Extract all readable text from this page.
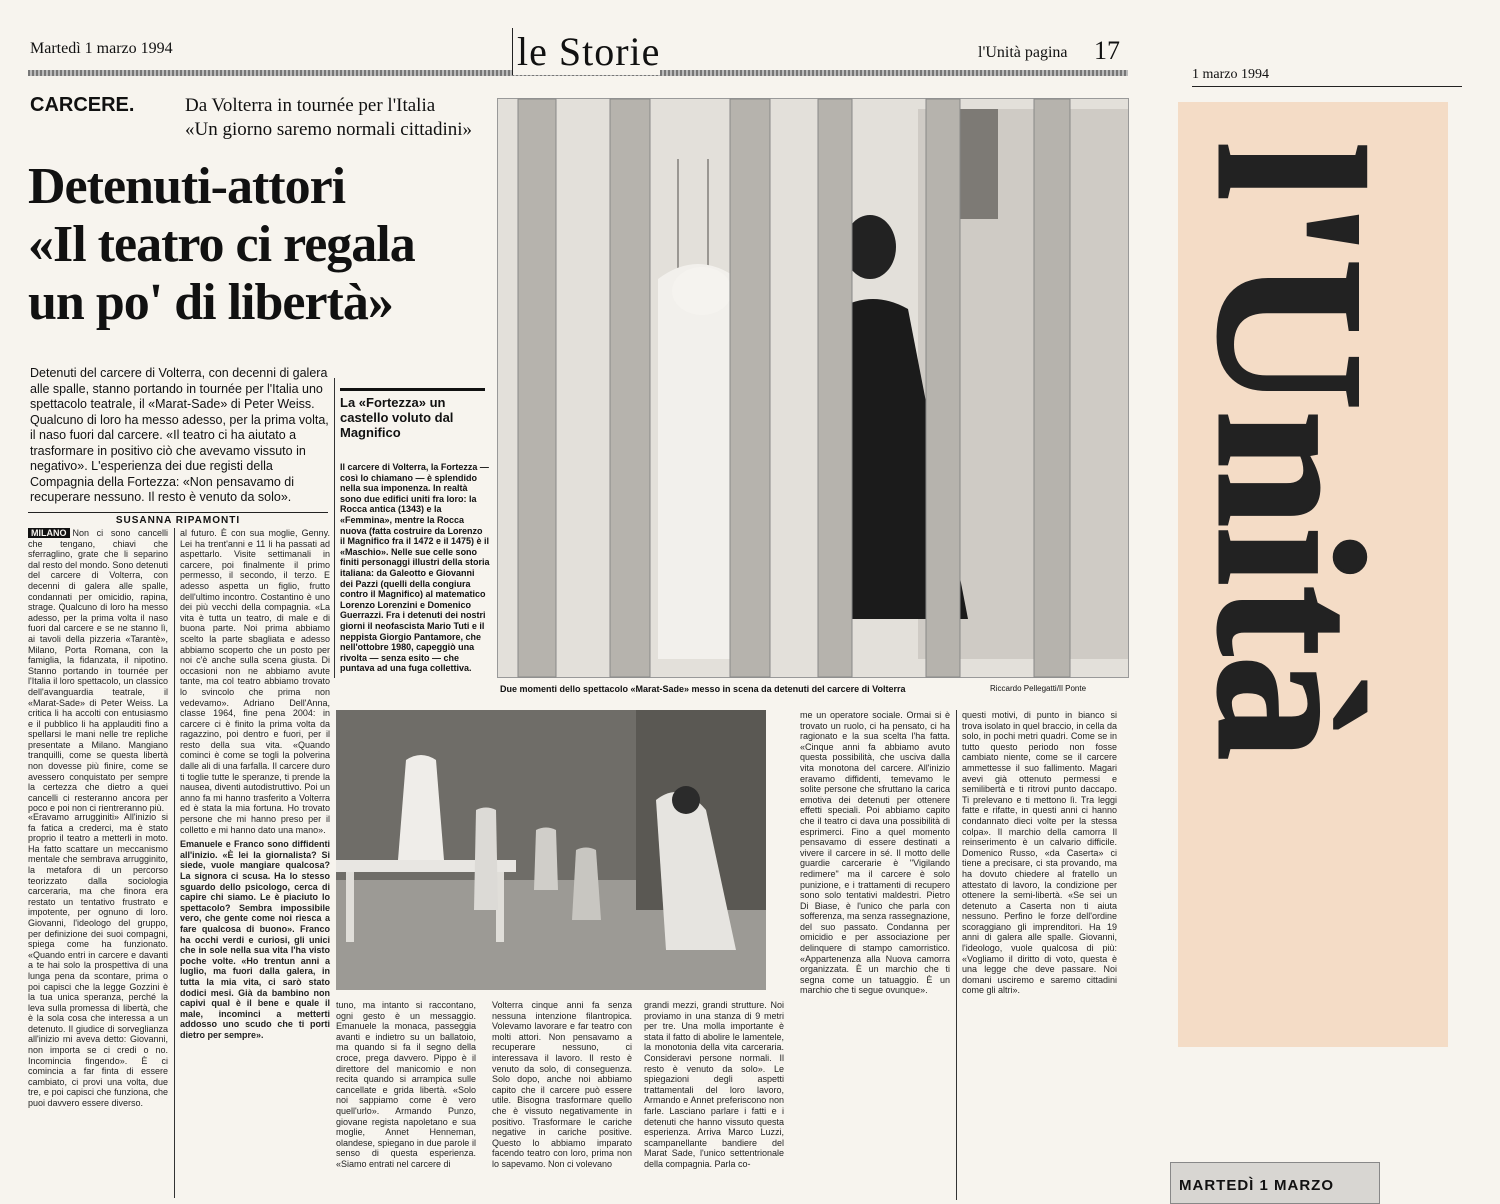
Martedì 1 marzo 1994	le Storie	l'Unità pagina 17
CARCERE.	Da Volterra in tournée per l'Italia
«Un giorno saremo normali cittadini»
Detenuti-attori
«Il teatro ci regala
un po' di libertà»
Detenuti del carcere di Volterra, con decenni di galera alle spalle, stanno portando in tournée per l'Italia uno spettacolo teatrale, il «Marat-Sade» di Peter Weiss. Qualcuno di loro ha messo adesso, per la prima volta, il naso fuori dal carcere. «Il teatro ci ha aiutato a trasformare in positivo ciò che avevamo vissuto in negativo». L'esperienza dei due registi della Compagnia della Fortezza: «Non pensavamo di recuperare nessuno. Il resto è venuto da solo».
SUSANNA RIPAMONTI
La «Fortezza» un castello voluto dal Magnifico
Il carcere di Volterra, la Fortezza — così lo chiamano — è splendido nella sua imponenza. In realtà sono due edifici uniti fra loro: la Rocca antica (1343) e la «Femmina», mentre la Rocca nuova (fatta costruire da Lorenzo il Magnifico fra il 1472 e il 1475) è il «Maschio». Nelle sue celle sono finiti personaggi illustri della storia italiana: da Galeotto e Giovanni dei Pazzi (quelli della congiura contro il Magnifico) al matematico Lorenzo Lorenzini e Domenico Guerrazzi. Fra i detenuti dei nostri giorni il neofascista Mario Tuti e il neppista Giorgio Pantamore, che nell'ottobre 1980, capeggiò una rivolta — senza esito — che puntava ad una fuga collettiva.
MILANO Non ci sono cancelli che tengano, chiavi che sferraglino, grate che li separino dal resto del mondo. Sono detenuti del carcere di Volterra, con decenni di galera alle spalle, condannati per omicidio, rapina, strage. Qualcuno di loro ha messo adesso, per la prima volta il naso fuori dal carcere e se ne stanno lì, ai tavoli della pizzeria «Tarantè», Milano, Porta Romana, con la famiglia, la fidanzata, il nipotino. Stanno portando in tournée per l'Italia il loro spettacolo, un classico dell'avanguardia teatrale, il «Marat-Sade» di Peter Weiss. La critica li ha accolti con entusiasmo e il pubblico li ha applauditi fino a spellarsi le mani nelle tre repliche presentate a Milano. Mangiano tranquilli, come se questa libertà non dovesse più finire, come se avessero conquistato per sempre la certezza che dietro a quei cancelli ci resteranno ancora per poco e poi non ci rientreranno più.
«Eravamo arrugginiti» All'inizio si fa fatica a crederci, ma è stato proprio il teatro a metterli in moto. Ha fatto scattare un meccanismo mentale che sembrava arrugginito, la metafora di un percorso teorizzato dalla sociologia carceraria, ma che finora era restato un tentativo frustrato e impotente, per ognuno di loro. Giovanni, l'ideologo del gruppo, per definizione dei suoi compagni, spiega come ha funzionato. «Quando entri in carcere e davanti a te hai solo la prospettiva di una lunga pena da scontare, prima o poi capisci che la legge Gozzini è la tua unica speranza, perché la leva sulla promessa di libertà, che è la sola cosa che interessa a un detenuto. Il giudice di sorveglianza all'inizio mi aveva detto: Giovanni, non importa se ci credi o no. Incomincia fingendo». È ci comincia a far finta di essere cambiato, ci provi una volta, due tre, e poi capisci che funziona, che puoi davvero essere diverso.
al futuro. È con sua moglie, Genny. Lei ha trent'anni e 11 li ha passati ad aspettarlo. Visite settimanali in carcere, poi finalmente il primo permesso, il secondo, il terzo. E adesso aspetta un figlio, frutto dell'ultimo incontro. Costantino è uno dei più vecchi della compagnia. «La vita è tutta un teatro, di male e di buona parte. Noi prima abbiamo scelto la parte sbagliata e adesso abbiamo scoperto che un posto per noi c'è anche sulla scena giusta. Di occasioni non ne abbiamo avute tante, ma col teatro abbiamo trovato lo svincolo che prima non vedevamo». Adriano Dell'Anna, classe 1964, fine pena 2004: in carcere ci è finito la prima volta da ragazzino, poi dentro e fuori, per il resto della sua vita. «Quando cominci è come se togli la polverina dalle ali di una farfalla. Il carcere duro ti toglie tutte le speranze, ti prende la nausea, diventi autodistruttivo. Poi un anno fa mi hanno trasferito a Volterra ed è stata la mia fortuna. Ho trovato persone che mi hanno preso per il colletto e mi hanno dato una mano».
Emanuele e Franco sono diffidenti all'inizio. «È lei la giornalista? Si siede, vuole mangiare qualcosa? La signora ci scusa. Ha lo stesso sguardo dello psicologo, cerca di capire chi siamo. Le è piaciuto lo spettacolo? Sembra impossibile vero, che gente come noi riesca a fare qualcosa di buono». Franco ha occhi verdi e curiosi, gli unici che in sole nella sua vita l'ha visto poche volte. «Ho trentun anni a luglio, ma fuori dalla galera, in tutta la mia vita, ci sarò stato dodici mesi. Già da bambino non capivi qual è il bene e quale il male, incominci a metterti addosso uno scudo che ti porti dietro per sempre».
tuno, ma intanto si raccontano, ogni gesto è un messaggio. Emanuele la monaca, passeggia avanti e indietro su un ballatoio, ma quando si fa il segno della croce, prega davvero. Pippo è il direttore del manicomio e non recita quando si arrampica sulle cancellate e grida libertà. «Solo noi sappiamo come è vero quell'urlo». Armando Punzo, giovane regista napoletano e sua moglie, Annet Henneman, olandese, spiegano in due parole il senso di questa esperienza. «Siamo entrati nel carcere di
Volterra cinque anni fa senza nessuna intenzione filantropica. Volevamo lavorare e far teatro con molti attori. Non pensavamo a recuperare nessuno, ci interessava il lavoro. Il resto è venuto da solo, di conseguenza. Solo dopo, anche noi abbiamo capito che il carcere può essere utile. Bisogna trasformare quello che è vissuto negativamente in positivo. Trasformare le cariche negative in cariche positive. Questo lo abbiamo imparato facendo teatro con loro, prima non lo sapevamo. Non ci volevano
grandi mezzi, grandi strutture. Noi proviamo in una stanza di 9 metri per tre. Una molla importante è stata il fatto di abolire le lamentele, la monotonia della vita carceraria. Consideravi persone normali. Il resto è venuto da solo». Le spiegazioni degli aspetti trattamentali del loro lavoro, Armando e Annet preferiscono non farle. Lasciano parlare i fatti e i detenuti che hanno vissuto questa esperienza. Arriva Marco Luzzi, scampanellante bandiere del Marat Sade, l'unico settentrionale della compagnia. Parla co-
me un operatore sociale. Ormai si è trovato un ruolo, ci ha pensato, ci ha ragionato e la sua scelta l'ha fatta. «Cinque anni fa abbiamo avuto questa possibilità, che usciva dalla vita monotona del carcere. All'inizio eravamo diffidenti, temevamo le solite persone che sfruttano la carica emotiva dei detenuti per ottenere effetti speciali. Poi abbiamo capito che il teatro ci dava una possibilità di esprimerci. Fino a quel momento pensavamo di essere destinati a vivere il carcere in sé. Il motto delle guardie carcerarie è "Vigilando redimere" ma il carcere è solo punizione, e i trattamenti di recupero sono solo tentativi maldestri. Pietro Di Biase, è l'unico che parla con sofferenza, ma senza rassegnazione, del suo passato. Condanna per omicidio e per associazione per delinquere di stampo camorristico. «Appartenenza alla Nuova camorra organizzata. È un marchio che ti segna come un tatuaggio. È un marchio che ti segue ovunque».
questi motivi, di punto in bianco si trova isolato in quel braccio, in cella da solo, in pochi metri quadri. Come se in tutto questo periodo non fosse cambiato niente, come se il carcere ammettesse il suo fallimento. Magari avevi già ottenuto permessi e semilibertà e ti ritrovi punto daccapo. Ti prelevano e ti mettono lì. Tra leggi fatte e rifatte, in questi anni ci hanno condannato dieci volte per la stessa colpa». Il marchio della camorra Il reinserimento è un calvario difficile. Domenico Russo, «da Caserta» ci tiene a precisare, ci sta provando, ma ha dovuto chiedere al fratello un attestato di lavoro, la condizione per ottenere la semi-libertà. «Se sei un detenuto a Caserta non ti aiuta nessuno. Perfino le forze dell'ordine scoraggiano gli imprenditori. Ha 19 anni di galera alle spalle. Giovanni, l'ideologo, vuole qualcosa di più: «Vogliamo il diritto di voto, questa è una legge che deve passare. Noi domani usciremo e saremo cittadini come gli altri».
Due momenti dello spettacolo «Marat-Sade» messo in scena da detenuti del carcere di Volterra	Riccardo Pellegatti/Il Ponte
1 marzo 1994
l'Unità
MARTEDÌ 1 MARZO
